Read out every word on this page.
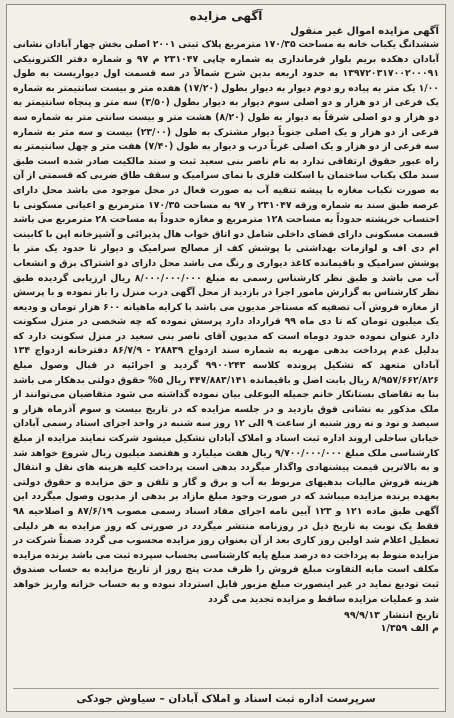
آگهی مزایده

آگهی مزایده اموال غیر منقول

ششدانگ یکباب خانه به مساحت ۱۷۰/۳۵ مترمربع پلاک ثبتی ۲۰۰۱ اصلی بخش چهار آبادان نشانی آبادان دهکده بریم بلوار فرمانداری به شماره چاپی ۲۳۱۰۴۷ م ۹۷ و شماره دفتر الکترونیکی ۱۳۹۷۲۰۳۱۷۰۰۲۰۰۰۹۱ به حدود اربعه بدین شرح شمالاً در سه قسمت اول دیواریست به طول ۱/۰۰ یک متر به پیاده رو دوم دیوار به دیوار بطول (۱۷/۲۰) هفده متر و بیست سانتیمتر به شماره یک فرعی از دو هزار و دو اصلی سوم دیوار به دیوار بطول (۳/۵۰) سه متر و پنجاه سانتیمتر به دو هزار و دو اصلی شرقاً به دیوار به طول (۸/۲۰) هشت متر و بیست سانتی متر به شماره سه فرعی از دو هزار و یک اصلی جنوباً دیوار مشترک به طول (۲۳/۰۰) بیست و سه متر به شماره سه فرعی از دو هزار و یک اصلی غرباً درب و دیوار به طول (۷/۴۰) هفت متر و چهل سانتیمتر به راه عبور حقوق ارتفاقی ندارد به نام ناصر بنی سعید ثبت و سند مالکیت صادر شده است طبق سند ملک یکباب ساختمان با اسکلت فلزی با نمای سرامیک و سقف طاق ضربی که قسمتی از آن به صورت تکباب مغازه با پیشه تنقیه آب به صورت فعال در محل موجود می باشد محل دارای عرصه طبق سند به شماره ورقه ۲۳۱۰۴۷ ر ۹۷ به مساحت ۱۷۰/۳۵ مترمربع و اعیانی مسکونی با احتساب خرپشته حدوداً به مساحت ۱۲۸ مترمربع و مغازه حدوداً به مساحت ۲۸ مترمربع می باشد قسمت مسکونی دارای فضای داخلی شامل دو اتاق خواب هال پذیرائی و آشپزخانه اپن با کابینت ام دی اف و لوازمات بهداشتی با پوشش کف از مصالح سرامیک و دیوار تا حدود یک متر با پوشش سرامیک و باقیمانده کاغذ دیواری و رنگ می باشد محل دارای دو اشتراک برق و انشعاب آب می باشد و طبق نظر کارشناس رسمی به مبلغ ۸/۰۰۰/۰۰۰/۰۰۰ ریال ارزیابی گردیده طبق نظر کارشناس به گزارش مامور اجرا در بازدید از محل آگهی درب منزل را باز نموده و با پرسش از مغازه فروش آب تصفیه که مستاجر مدیون می باشد با کرایه ماهیانه ۶۰۰ هزار تومان و ودیعه یک میلیون تومان که تا دی ماه ۹۹ قرارداد دارد پرسش نموده که چه شخصی در منزل سکونت دارد عنوان نموده حدود دوماه است که مدیون آقای ناصر بنی سعید در منزل سکونت دارد که بدلیل عدم پرداخت بدهی مهریه به شماره سند ازدواج ۲۸۸۳۹ - ۸۶/۷/۹ دفترخانه ازدواج ۱۳۴ آبادان متعهد که تشکیل پرونده کلاسه ۹۹۰۰۲۴۳ گردید و اجرائیه در قبال وصول مبلغ ۸/۹۵۷/۶۶۲/۸۲۶ ریال بابت اصل و باقیمانده ۴۴۷/۸۸۳/۱۴۱ ریال ۵% حقوق دولتی بدهکار می باشد بنا به تقاضای بستانکار خانم جمیله البوعلی بیان نموده گذاشته می شود متقاضیان می‌توانند از ملک مذکور به نشانی فوق بازدید و در جلسه مزایده که در تاریخ بیست و سوم آذرماه هزار و سیصد و نود و نه روز شنبه از ساعت ۹ الی ۱۲ روز سه شنبه در واحد اجرای اسناد رسمی آبادان خیابان ساحلی اروند اداره ثبت اسناد و املاک آبادان تشکیل میشود شرکت نمایند مزایده از مبلغ کارشناسی ملک مبلغ ۹/۷۰۰/۰۰۰/۰۰۰ ریال هفت میلیارد و هفتصد میلیون ریال شروع خواهد شد و به بالاترین قیمت پیشنهادی واگذار میگردد بدهی است پرداخت کلیه هزینه های نقل و انتقال هزینه فروش مالیات بدهیهای مربوط به آب و برق و گاز و تلفن و حق مزایده و حقوق دولتی بعهده برنده مزایده میباشد که در صورت وجود مبلغ مازاد بر بدهی از مدیون وصول میگردد این آگهی طبق ماده ۱۲۱ و ۱۲۳ آیین نامه اجرای مفاد اسناد رسمی مصوب ۸۷/۶/۱۹ و اصلاحیه ۹۸ فقط یک نوبت به تاریخ ذیل در روزنامه منتشر میگردد در صورتی که روز مزایده به هر دلیلی تعطیل اعلام شد اولین روز کاری بعد از آن بعنوان روز مزایده محسوب می گردد ضمناً شرکت در مزایده منوط به پرداخت ده درصد مبلغ پایه کارشناسی بحساب سپرده ثبت می باشد برنده مزایده مکلف است مابه التفاوت مبلغ فروش را ظرف مدت پنج روز از تاریخ مزایده به حساب صندوق ثبت تودیع نماید در غیر اینصورت مبلغ مزبور قابل استرداد نبوده و به حساب خزانه واریز خواهد شد و عملیات مزایده ساقط و مزایده تجدید می گردد

تاریخ انتشار ۹۹/۹/۱۳
م الف ۱/۳۵۹
سرپرست اداره ثبت اسناد و املاک آبادان – سیاوش جودکی
